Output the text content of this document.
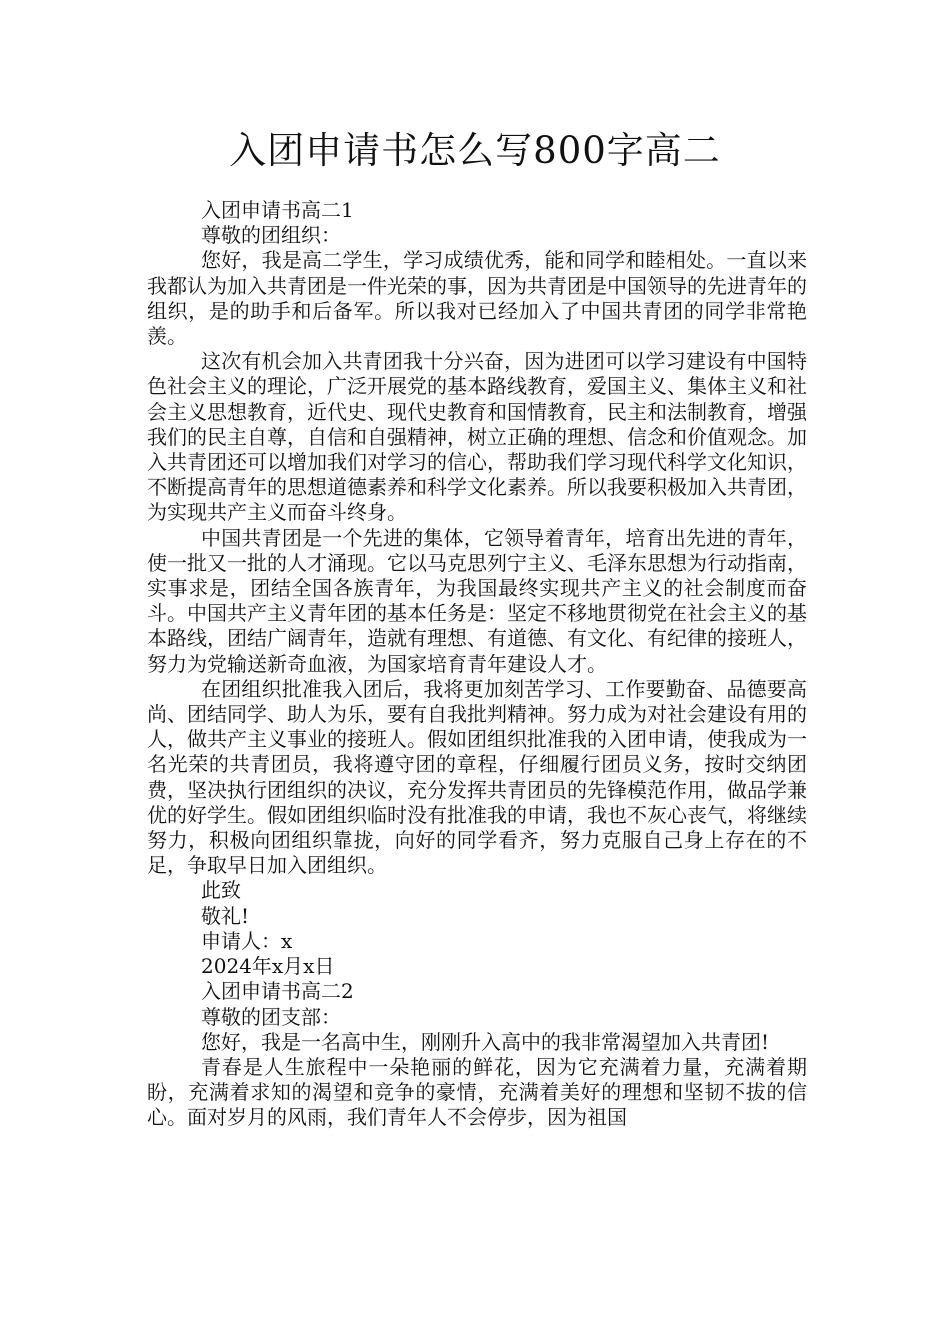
入团申请书怎么写800字高二
入团申请书高二1
尊敬的团组织：

您好，我是高二学生，学习成绩优秀，能和同学和睦相处。一直以来我都认为加入共青团是一件光荣的事，因为共青团是中国领导的先进青年的组织，是的助手和后备军。所以我对已经加入了中国共青团的同学非常艳羡。

这次有机会加入共青团我十分兴奋，因为进团可以学习建设有中国特色社会主义的理论，广泛开展党的基本路线教育，爱国主义、集体主义和社会主义思想教育，近代史、现代史教育和国情教育，民主和法制教育，增强我们的民主自尊，自信和自强精神，树立正确的理想、信念和价值观念。加入共青团还可以增加我们对学习的信心，帮助我们学习现代科学文化知识，不断提高青年的思想道德素养和科学文化素养。所以我要积极加入共青团，为实现共产主义而奋斗终身。

中国共青团是一个先进的集体，它领导着青年，培育出先进的青年，使一批又一批的人才涌现。它以马克思列宁主义、毛泽东思想为行动指南，实事求是，团结全国各族青年，为我国最终实现共产主义的社会制度而奋斗。中国共产主义青年团的基本任务是：坚定不移地贯彻党在社会主义的基本路线，团结广阔青年，造就有理想、有道德、有文化、有纪律的接班人，努力为党输送新奇血液，为国家培育青年建设人才。

在团组织批准我入团后，我将更加刻苦学习、工作要勤奋、品德要高尚、团结同学、助人为乐，要有自我批判精神。努力成为对社会建设有用的人，做共产主义事业的接班人。假如团组织批准我的入团申请，使我成为一名光荣的共青团员，我将遵守团的章程，仔细履行团员义务，按时交纳团费，坚决执行团组织的决议，充分发挥共青团员的先锋模范作用，做品学兼优的好学生。假如团组织临时没有批准我的申请，我也不灰心丧气，将继续努力，积极向团组织靠拢，向好的同学看齐，努力克服自己身上存在的不足，争取早日加入团组织。

此致
敬礼!
申请人：x
2024年x月x日
入团申请书高二2
尊敬的团支部：

您好，我是一名高中生，刚刚升入高中的我非常渴望加入共青团!

青春是人生旅程中一朵艳丽的鲜花，因为它充满着力量，充满着期盼，充满着求知的渴望和竞争的豪情，充满着美好的理想和坚韧不拔的信心。面对岁月的风雨，我们青年人不会停步，因为祖国
